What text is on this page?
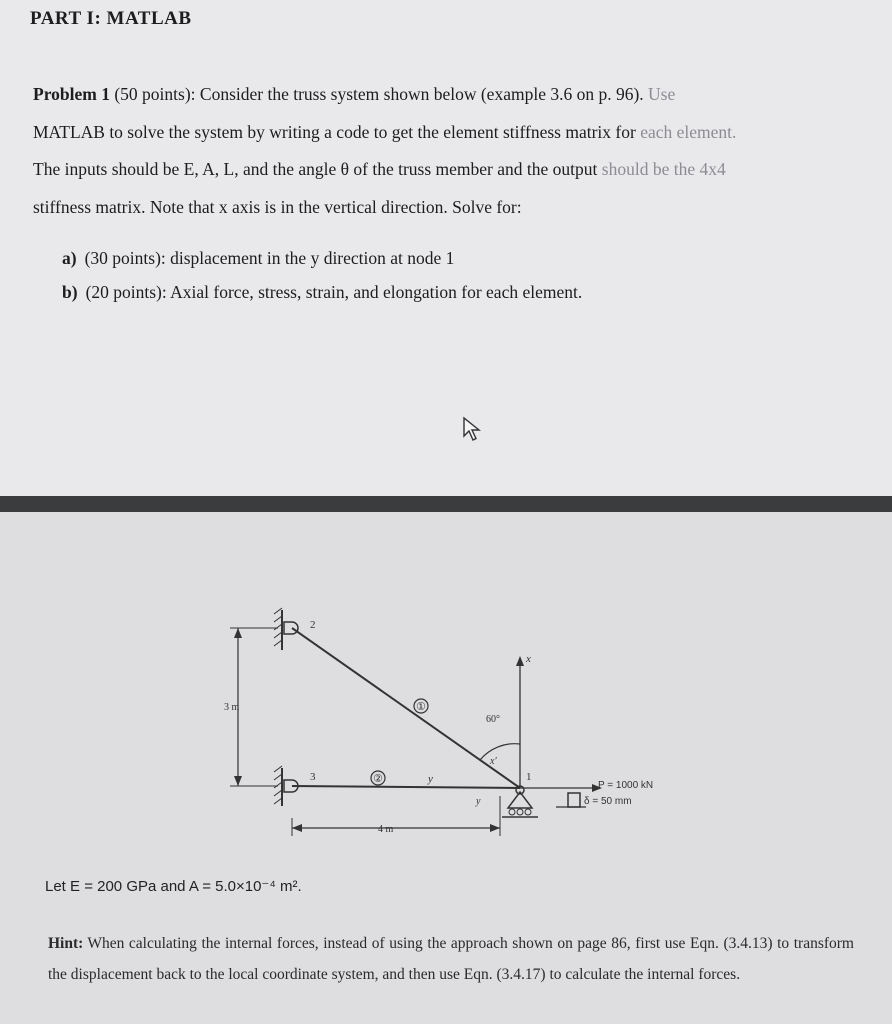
PART I: MATLAB
Problem 1 (50 points): Consider the truss system shown below (example 3.6 on p. 96). Use
MATLAB to solve the system by writing a code to get the element stiffness matrix for each element.
The inputs should be E, A, L, and the angle θ of the truss member and the output should be the 4x4
stiffness matrix. Note that x axis is in the vertical direction. Solve for:
a) (30 points): displacement in the y direction at node 1
b) (20 points): Axial force, stress, strain, and elongation for each element.
2
3	1
①
②
3 m
4 m
60°
x
y
x′
y
P = 1000 kN
δ = 50 mm
Let E = 200 GPa and A = 5.0×10⁻⁴ m².
Hint: When calculating the internal forces, instead of using the approach shown on page 86, first use Eqn. (3.4.13) to transform the displacement back to the local coordinate system, and then use Eqn. (3.4.17) to calculate the internal forces.
